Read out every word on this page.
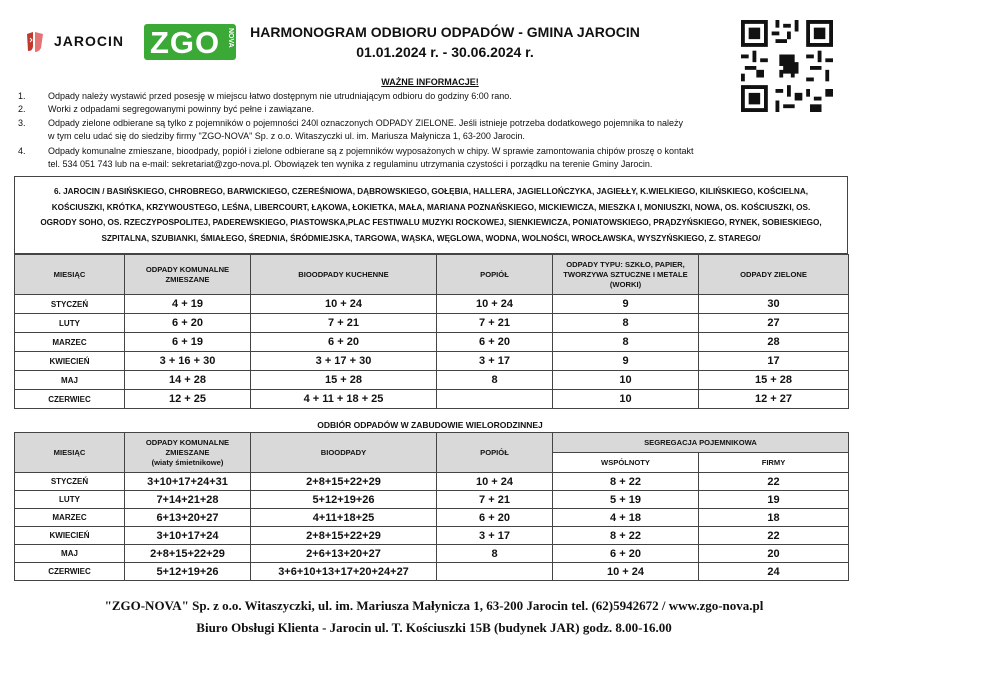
JAROCIN ZGO NOVA HARMONOGRAM ODBIORU ODPADÓW - GMINA JAROCIN
01.01.2024 r. - 30.06.2024 r.
WAŻNE INFORMACJE!
1. Odpady należy wystawić przed posesję w miejscu łatwo dostępnym nie utrudniającym odbioru do godziny 6:00 rano.
2. Worki z odpadami segregowanymi powinny być pełne i zawiązane.
3. Odpady zielone odbierane są tylko z pojemników o pojemności 240l oznaczonych ODPADY ZIELONE. Jeśli istnieje potrzeba dodatkowego pojemnika to należy
w tym celu udać się do siedziby firmy "ZGO-NOVA" Sp. z o.o. Witaszyczki ul. im. Mariusza Małynicza 1, 63-200 Jarocin.
4. Odpady komunalne zmieszane, bioodpady, popiół i zielone odbierane są z pojemników wyposażonych w chipy. W sprawie zamontowania chipów proszę o kontakt
tel. 534 051 743 lub na e-mail: sekretariat@zgo-nova.pl. Obowiązek ten wynika z regulaminu utrzymania czystości i porządku na terenie Gminy Jarocin.
6. JAROCIN / BASIŃSKIEGO, CHROBREGO, BARWICKIEGO, CZEREŚNIOWA, DĄBROWSKIEGO, GOŁĘBIA, HALLERA, JAGIELLOŃCZYKA, JAGIEŁŁY, K.WIELKIEGO, KILIŃSKIEGO, KOŚCIELNA,
KOŚCIUSZKI, KRÓTKA, KRZYWOUSTEGO, LEŚNA, LIBERCOURT, ŁĄKOWA, ŁOKIETKA, MAŁA, MARIANA POZNAŃSKIEGO, MICKIEWICZA, MIESZKA I, MONIUSZKI, NOWA, OS. KOŚCIUSZKI, OS.
OGRODY SOHO, OS. RZECZYPOSPOLITEJ, PADEREWSKIEGO, PIASTOWSKA,PLAC FESTIWALU MUZYKI ROCKOWEJ, SIENKIEWICZA, PONIATOWSKIEGO, PRĄDZYŃSKIEGO, RYNEK, SOBIESKIEGO,
SZPITALNA, SZUBIANKI, ŚMIAŁEGO, ŚREDNIA, ŚRÓDMIEJSKA, TARGOWA, WĄSKA, WĘGLOWA, WODNA, WOLNOŚCI, WROCŁAWSKA, WYSZYŃSKIEGO, Z. STAREGO/
MIESIĄC	ODPADY KOMUNALNE ZMIESZANE	BIOODPADY KUCHENNE	POPIÓŁ	ODPADY TYPU: SZKŁO, PAPIER, TWORZYWA SZTUCZNE I METALE (WORKI)	ODPADY ZIELONE
STYCZEŃ	4 + 19	10 + 24	10 + 24	9	30
LUTY	6 + 20	7 + 21	7 + 21	8	27
MARZEC	6 + 19	6 + 20	6 + 20	8	28
KWIECIEŃ	3 + 16 + 30	3 + 17 + 30	3 + 17	9	17
MAJ	14 + 28	15 + 28	8	10	15 + 28
CZERWIEC	12 + 25	4 + 11 + 18 + 25		10	12 + 27
ODBIÓR ODPADÓW W ZABUDOWIE WIELORODZINNEJ
MIESIĄC	ODPADY KOMUNALNE
ZMIESZANE
(wiaty śmietnikowe)	BIOODPADY	POPIÓŁ	SEGREGACJA POJEMNIKOWA	
				WSPÓLNOTY	FIRMY
STYCZEŃ	3+10+17+24+31	2+8+15+22+29	10 + 24	8 + 22	22
LUTY	7+14+21+28	5+12+19+26	7 + 21	5 + 19	19
MARZEC	6+13+20+27	4+11+18+25	6 + 20	4 + 18	18
KWIECIEŃ	3+10+17+24	2+8+15+22+29	3 + 17	8 + 22	22
MAJ	2+8+15+22+29	2+6+13+20+27	8	6 + 20	20
CZERWIEC	5+12+19+26	3+6+10+13+17+20+24+27		10 + 24	24
"ZGO-NOVA" Sp. z o.o. Witaszyczki, ul. im. Mariusza Małynicza 1, 63-200 Jarocin tel. (62)5942672 / www.zgo-nova.pl
Biuro Obsługi Klienta - Jarocin ul. T. Kościuszki 15B (budynek JAR) godz. 8.00-16.00
